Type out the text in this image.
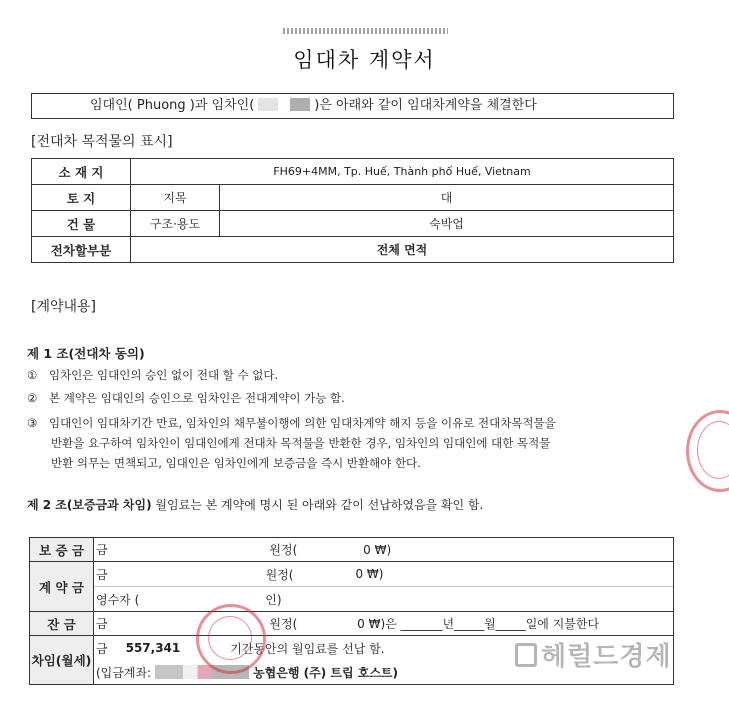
임대차 계약서
임대인( Phuong )과 임차인(	)은 아래와 같이 임대차계약을 체결한다
[전대차 목적물의 표시]
소 재 지	FH69+4MM, Tp. Huế, Thành phố Huế, Vietnam	
토 지	지목	대
건 물	구조·용도	숙박업
전차할부분	전체 면적	
[계약내용]
제 1 조(전대차 동의)
① 임차인은 임대인의 승인 없이 전대 할 수 없다.
② 본 계약은 임대인의 승인으로 임차인은 전대계약이 가능 함.
③ 임대인이 임대차기간 만료, 임차인의 채무불이행에 의한 임대차계약 해지 등을 이유로 전대차목적물을
반환을 요구하여 임차인이 임대인에게 전대차 목적물을 반환한 경우, 임차인의 임대인에 대한 목적물
반환 의무는 면책되고, 임대인은 임차인에게 보증금을 즉시 반환해야 한다.
제 2 조(보증금과 차임) 월임료는 본 계약에 명시 된 아래와 같이 선납하였음을 확인 함.
보 증 금	금 원정( 0 ₩)
계 약 금	금 원정( 0 ₩)
영수자 ( 인)

잔 금	금 원정( 0 ₩)은 _______년_____월_____일에 지불한다
차임(월세)	금 557,341 기간동안의 월임료를 선납 함.
(입금계좌: 농협은행 (주) 트립 호스트)
헤럴드경제
